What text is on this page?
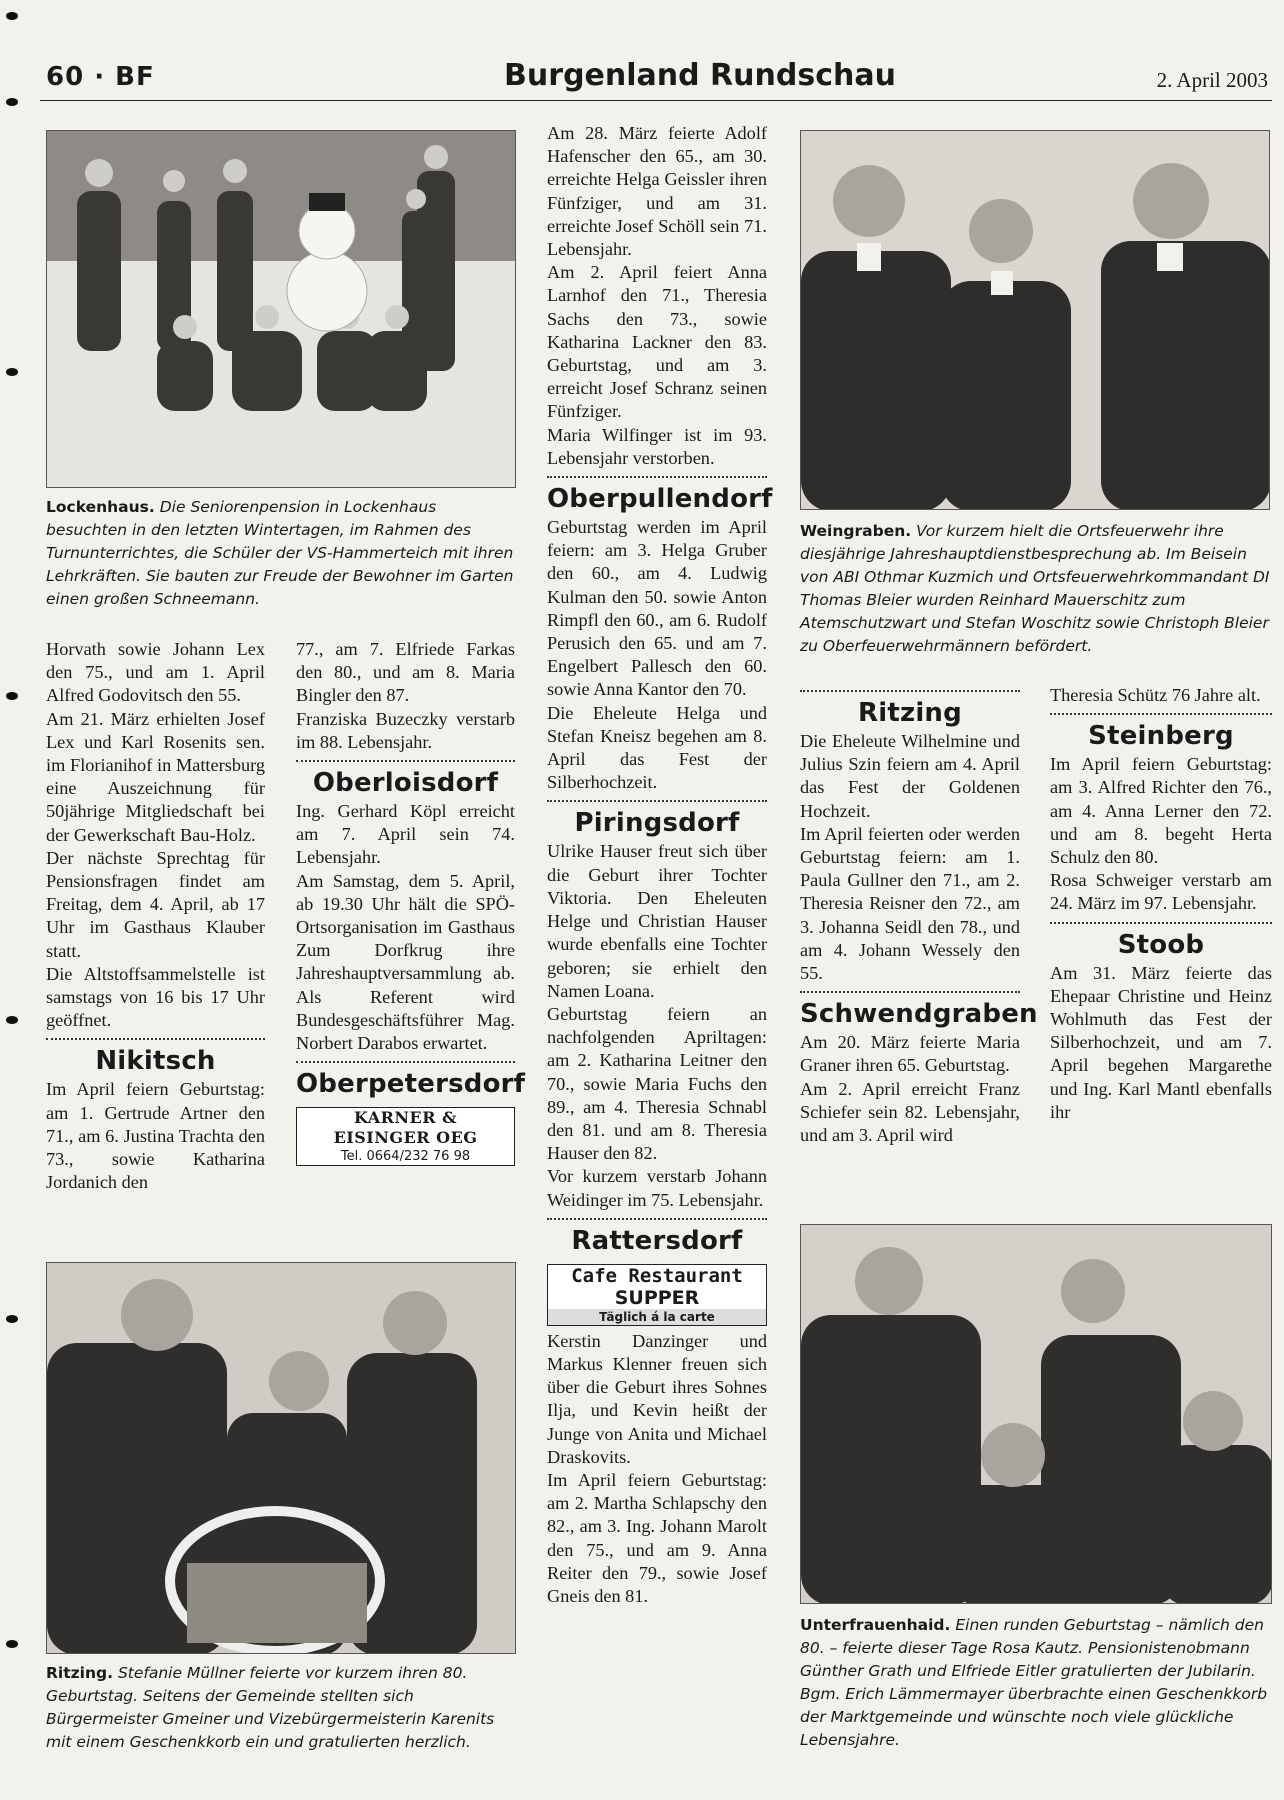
60 · BF	Burgenland Rundschau	2. April 2003
Lockenhaus. Die Seniorenpension in Lockenhaus besuchten in den letzten Wintertagen, im Rahmen des Turnunterrichtes, die Schüler der VS-Hammerteich mit ihren Lehrkräften. Sie bauten zur Freude der Bewohner im Garten einen großen Schneemann.

Horvath sowie Johann Lex den 75., und am 1. April Alfred Godovitsch den 55.

Am 21. März erhielten Josef Lex und Karl Rosenits sen. im Florianihof in Mattersburg eine Auszeichnung für 50jährige Mitgliedschaft bei der Gewerkschaft Bau-Holz.

Der nächste Sprechtag für Pensionsfragen findet am Freitag, dem 4. April, ab 17 Uhr im Gasthaus Klauber statt.

Die Altstoffsammelstelle ist samstags von 16 bis 17 Uhr geöffnet.

Nikitsch

Im April feiern Geburtstag: am 1. Gertrude Artner den 71., am 6. Justina Trachta den 73., sowie Katharina Jordanich den

77., am 7. Elfriede Farkas den 80., und am 8. Maria Bingler den 87.

Franziska Buzeczky verstarb im 88. Lebensjahr.

Oberloisdorf

Ing. Gerhard Köpl erreicht am 7. April sein 74. Lebensjahr.

Am Samstag, dem 5. April, ab 19.30 Uhr hält die SPÖ-Ortsorganisation im Gasthaus Zum Dorfkrug ihre Jahreshauptversammlung ab. Als Referent wird Bundesgeschäftsführer Mag. Norbert Darabos erwartet.

Oberpetersdorf
KARNER &
EISINGER OEG
Tel. 0664/232 76 98

Am 28. März feierte Adolf Hafenscher den 65., am 30. erreichte Helga Geissler ihren Fünfziger, und am 31. erreichte Josef Schöll sein 71. Lebensjahr.

Am 2. April feiert Anna Larnhof den 71., Theresia Sachs den 73., sowie Katharina Lackner den 83. Geburtstag, und am 3. erreicht Josef Schranz seinen Fünfziger.

Maria Wilfinger ist im 93. Lebensjahr verstorben.

Oberpullendorf

Geburtstag werden im April feiern: am 3. Helga Gruber den 60., am 4. Ludwig Kulman den 50. sowie Anton Rimpfl den 60., am 6. Rudolf Perusich den 65. und am 7. Engelbert Pallesch den 60. sowie Anna Kantor den 70.

Die Eheleute Helga und Stefan Kneisz begehen am 8. April das Fest der Silberhochzeit.

Piringsdorf

Ulrike Hauser freut sich über die Geburt ihrer Tochter Viktoria. Den Eheleuten Helge und Christian Hauser wurde ebenfalls eine Tochter geboren; sie erhielt den Namen Loana.

Geburtstag feiern an nachfolgenden Apriltagen: am 2. Katharina Leitner den 70., sowie Maria Fuchs den 89., am 4. Theresia Schnabl den 81. und am 8. Theresia Hauser den 82.

Vor kurzem verstarb Johann Weidinger im 75. Lebensjahr.

Rattersdorf
Cafe Restaurant
SUPPER
Täglich á la carte

Kerstin Danzinger und Markus Klenner freuen sich über die Geburt ihres Sohnes Ilja, und Kevin heißt der Junge von Anita und Michael Draskovits.

Im April feiern Geburtstag: am 2. Martha Schlapschy den 82., am 3. Ing. Johann Marolt den 75., und am 9. Anna Reiter den 79., sowie Josef Gneis den 81.

Weingraben. Vor kurzem hielt die Ortsfeuerwehr ihre diesjährige Jahreshauptdienstbesprechung ab. Im Beisein von ABI Othmar Kuzmich und Ortsfeuerwehrkommandant DI Thomas Bleier wurden Reinhard Mauerschitz zum Atemschutzwart und Stefan Woschitz sowie Christoph Bleier zu Oberfeuerwehrmännern befördert.
Ritzing

Die Eheleute Wilhelmine und Julius Szin feiern am 4. April das Fest der Goldenen Hochzeit.

Im April feierten oder werden Geburtstag feiern: am 1. Paula Gullner den 71., am 2. Theresia Reisner den 72., am 3. Johanna Seidl den 78., und am 4. Johann Wessely den 55.

Schwendgraben

Am 20. März feierte Maria Graner ihren 65. Geburtstag.

Am 2. April erreicht Franz Schiefer sein 82. Lebensjahr, und am 3. April wird

Theresia Schütz 76 Jahre alt.

Steinberg

Im April feiern Geburtstag: am 3. Alfred Richter den 76., am 4. Anna Lerner den 72. und am 8. begeht Herta Schulz den 80.

Rosa Schweiger verstarb am 24. März im 97. Lebensjahr.

Stoob

Am 31. März feierte das Ehepaar Christine und Heinz Wohlmuth das Fest der Silberhochzeit, und am 7. April begehen Margarethe und Ing. Karl Mantl ebenfalls ihr

Ritzing. Stefanie Müllner feierte vor kurzem ihren 80. Geburtstag. Seitens der Gemeinde stellten sich Bürgermeister Gmeiner und Vizebürgermeisterin Karenits mit einem Geschenkkorb ein und gratulierten herzlich.
Unterfrauenhaid. Einen runden Geburtstag – nämlich den 80. – feierte dieser Tage Rosa Kautz. Pensionistenobmann Günther Grath und Elfriede Eitler gratulierten der Jubilarin. Bgm. Erich Lämmermayer überbrachte einen Geschenkkorb der Marktgemeinde und wünschte noch viele glückliche Lebensjahre.
